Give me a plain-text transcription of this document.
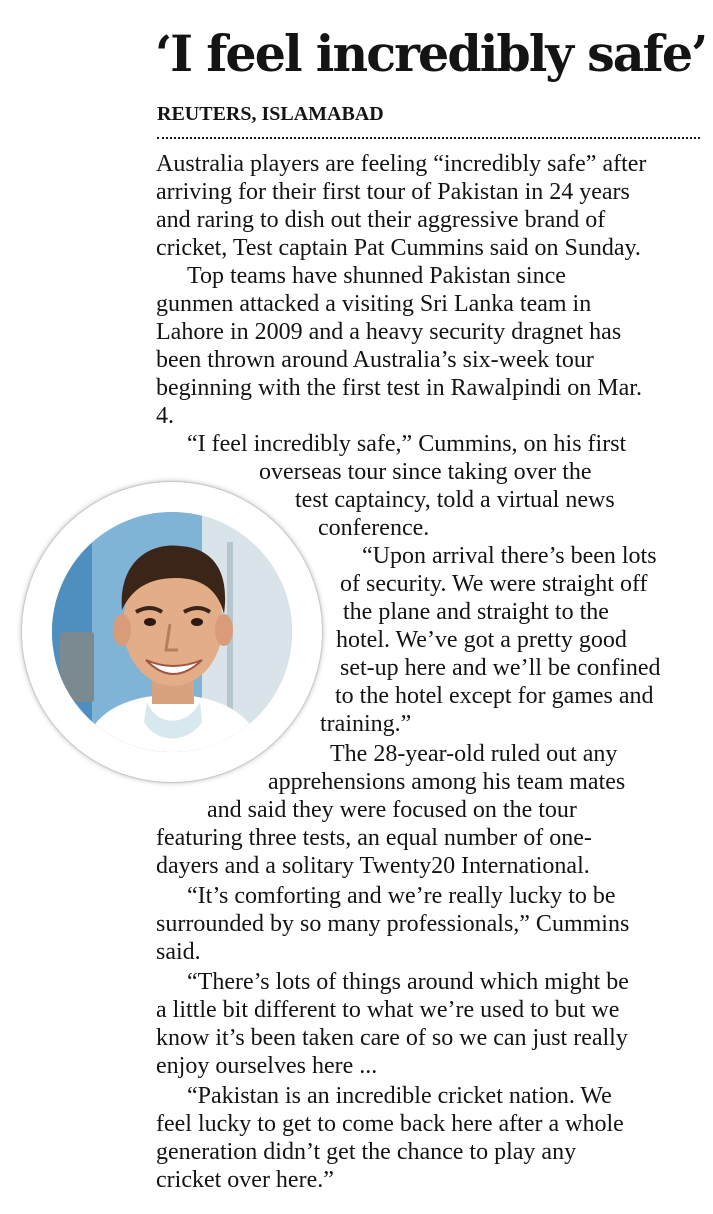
‘I feel incredibly safe’
REUTERS, ISLAMABAD
Australia players are feeling “incredibly safe” after
arriving for their first tour of Pakistan in 24 years
and raring to dish out their aggressive brand of
cricket, Test captain Pat Cummins said on Sunday.
Top teams have shunned Pakistan since
gunmen attacked a visiting Sri Lanka team in
Lahore in 2009 and a heavy security dragnet has
been thrown around Australia’s six-week tour
beginning with the first test in Rawalpindi on Mar.
4.
“I feel incredibly safe,” Cummins, on his first
overseas tour since taking over the
test captaincy, told a virtual news
conference.
“Upon arrival there’s been lots
of security. We were straight off
the plane and straight to the
hotel. We’ve got a pretty good
set-up here and we’ll be confined
to the hotel except for games and
training.”
The 28-year-old ruled out any
apprehensions among his team mates
and said they were focused on the tour
featuring three tests, an equal number of one-
dayers and a solitary Twenty20 International.
“It’s comforting and we’re really lucky to be
surrounded by so many professionals,” Cummins
said.
“There’s lots of things around which might be
a little bit different to what we’re used to but we
know it’s been taken care of so we can just really
enjoy ourselves here ...
“Pakistan is an incredible cricket nation. We
feel lucky to get to come back here after a whole
generation didn’t get the chance to play any
cricket over here.”
